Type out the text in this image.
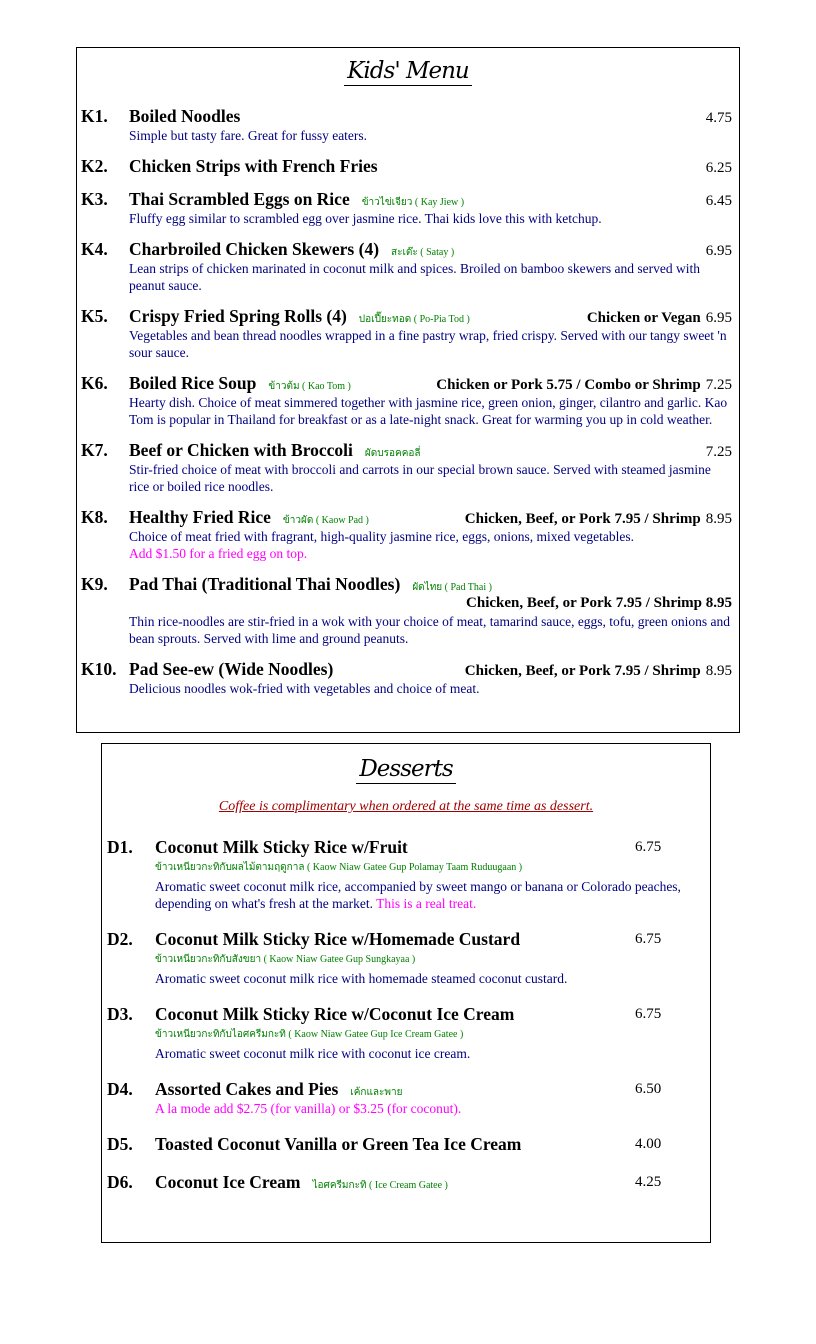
Kids' Menu
K1.	Boiled Noodles	4.75
Simple but tasty fare. Great for fussy eaters.
K2.	Chicken Strips with French Fries	6.25
K3.	Thai Scrambled Eggs on Rice ข้าวไข่เจียว ( Kay Jiew )	6.45
Fluffy egg similar to scrambled egg over jasmine rice. Thai kids love this with ketchup.
K4.	Charbroiled Chicken Skewers (4) สะเต๊ะ ( Satay )	6.95
Lean strips of chicken marinated in coconut milk and spices. Broiled on bamboo skewers and served with peanut sauce.
K5.	Crispy Fried Spring Rolls (4) ปอเปี๊ยะทอด ( Po-Pia Tod )	Chicken or Vegan 6.95
Vegetables and bean thread noodles wrapped in a fine pastry wrap, fried crispy. Served with our tangy sweet 'n sour sauce.
K6.	Boiled Rice Soup ข้าวต้ม ( Kao Tom )	Chicken or Pork 5.75 / Combo or Shrimp 7.25
Hearty dish. Choice of meat simmered together with jasmine rice, green onion, ginger, cilantro and garlic. Kao Tom is popular in Thailand for breakfast or as a late-night snack. Great for warming you up in cold weather.
K7.	Beef or Chicken with Broccoli ผัดบรอคคอลี่	7.25
Stir-fried choice of meat with broccoli and carrots in our special brown sauce. Served with steamed jasmine rice or boiled rice noodles.
K8.	Healthy Fried Rice ข้าวผัด ( Kaow Pad )	Chicken, Beef, or Pork 7.95 / Shrimp 8.95
Choice of meat fried with fragrant, high-quality jasmine rice, eggs, onions, mixed vegetables.
Add $1.50 for a fried egg on top.
K9.	Pad Thai (Traditional Thai Noodles) ผัดไทย ( Pad Thai )
Chicken, Beef, or Pork 7.95 / Shrimp 8.95
Thin rice-noodles are stir-fried in a wok with your choice of meat, tamarind sauce, eggs, tofu, green onions and bean sprouts. Served with lime and ground peanuts.
K10. Pad See-ew (Wide Noodles)	Chicken, Beef, or Pork 7.95 / Shrimp 8.95
Delicious noodles wok-fried with vegetables and choice of meat.
Desserts
Coffee is complimentary when ordered at the same time as dessert.
D1.	Coconut Milk Sticky Rice w/Fruit	6.75
ข้าวเหนียวกะทิกับผลไม้ตามฤดูกาล ( Kaow Niaw Gatee Gup Polamay Taam Ruduugaan )
Aromatic sweet coconut milk rice, accompanied by sweet mango or banana or Colorado peaches, depending on what's fresh at the market. This is a real treat.
D2.	Coconut Milk Sticky Rice w/Homemade Custard	6.75
ข้าวเหนียวกะทิกับสังขยา ( Kaow Niaw Gatee Gup Sungkayaa )
Aromatic sweet coconut milk rice with homemade steamed coconut custard.
D3.	Coconut Milk Sticky Rice w/Coconut Ice Cream	6.75
ข้าวเหนียวกะทิกับไอศครีมกะทิ ( Kaow Niaw Gatee Gup Ice Cream Gatee )
Aromatic sweet coconut milk rice with coconut ice cream.
D4.	Assorted Cakes and Pies เค้กและพาย	6.50
A la mode add $2.75 (for vanilla) or $3.25 (for coconut).
D5.	Toasted Coconut Vanilla or Green Tea Ice Cream	4.00
D6.	Coconut Ice Cream ไอศครีมกะทิ ( Ice Cream Gatee )	4.25
